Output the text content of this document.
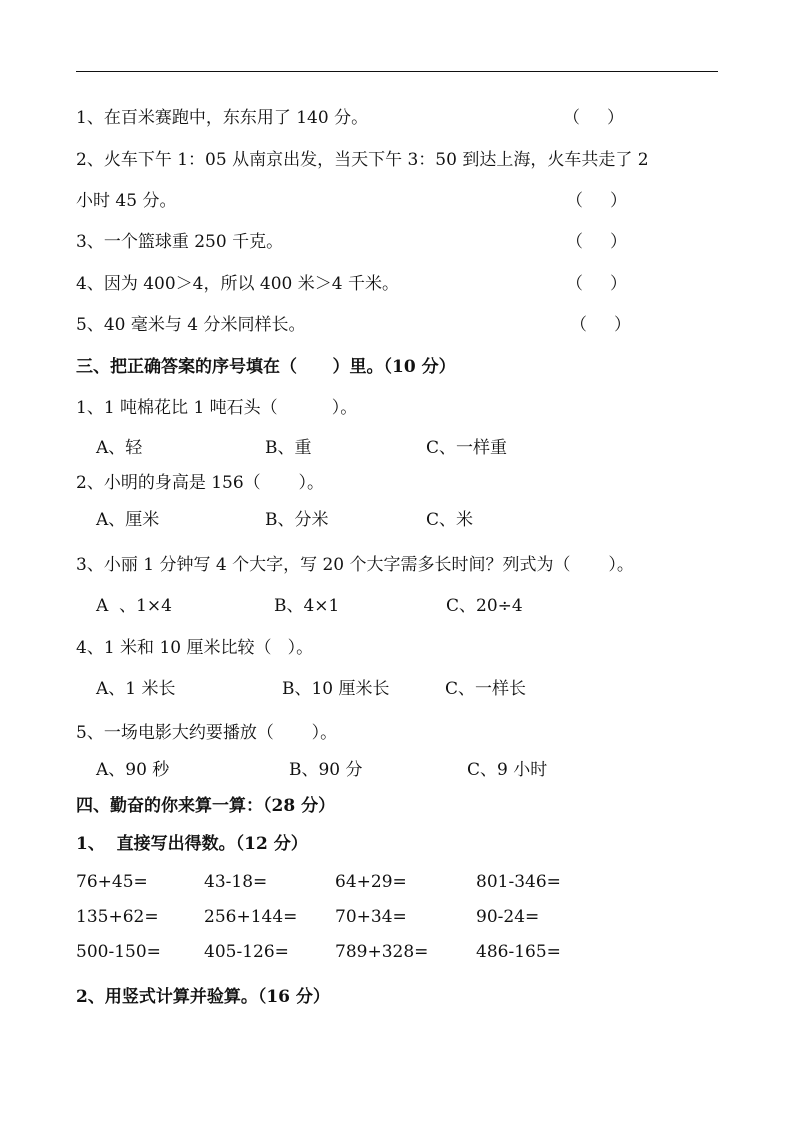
1、在百米赛跑中，东东用了 140 分。	（     ）
2、火车下午 1：05 从南京出发，当天下午 3：50 到达上海，火车共走了 2
小时 45 分。	（     ）
3、一个篮球重 250 千克。	（     ）
4、因为 400＞4，所以 400 米＞4 千米。	（     ）
5、40 毫米与 4 分米同样长。	（     ）
三、把正确答案的序号填在（      ）里。（10 分）
1、1 吨棉花比 1 吨石头（          ）。
A、轻	B、重	C、一样重
2、小明的身高是 156（       ）。
A、厘米	B、分米	C、米
3、小丽 1 分钟写 4 个大字，写 20 个大字需多长时间？列式为（       ）。
A  、1×4	B、4×1	C、20÷4
4、1 米和 10 厘米比较（   ）。
A、1 米长	B、10 厘米长	C、一样长
5、一场电影大约要播放（       ）。
A、90 秒	B、90 分	C、9 小时
四、勤奋的你来算一算：（28 分）
1、  直接写出得数。（12 分）
76+45=	43-18=	64+29=	801-346=
135+62=	256+144= 70+34=	90-24=
500-150=	405-126=	789+328=	486-165=
2、用竖式计算并验算。（16 分）
